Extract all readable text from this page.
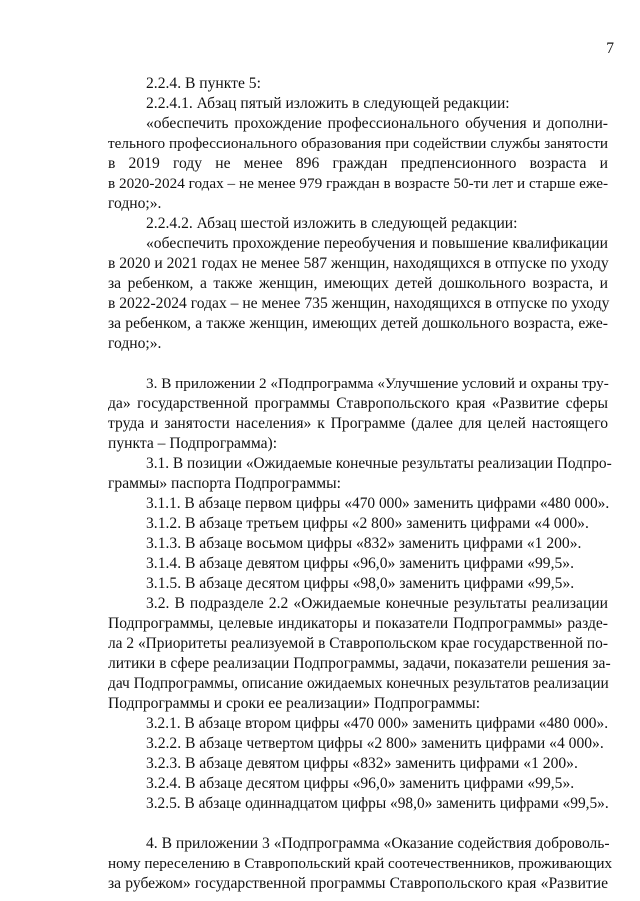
7
2.2.4. В пункте 5:
2.2.4.1. Абзац пятый изложить в следующей редакции:
«обеспечить прохождение профессионального обучения и дополни-
тельного профессионального образования при содействии службы занятости
в 2019 году не менее 896 граждан предпенсионного возраста и
в 2020-2024 годах – не менее 979 граждан в возрасте 50-ти лет и старше еже-
годно;».
2.2.4.2. Абзац шестой изложить в следующей редакции:
«обеспечить прохождение переобучения и повышение квалификации
в 2020 и 2021 годах не менее 587 женщин, находящихся в отпуске по уходу
за ребенком, а также женщин, имеющих детей дошкольного возраста, и
в 2022-2024 годах – не менее 735 женщин, находящихся в отпуске по уходу
за ребенком, а также женщин, имеющих детей дошкольного возраста, еже-
годно;».
3. В приложении 2 «Подпрограмма «Улучшение условий и охраны тру-
да» государственной программы Ставропольского края «Развитие сферы
труда и занятости населения» к Программе (далее для целей настоящего
пункта – Подпрограмма):
3.1. В позиции «Ожидаемые конечные результаты реализации Подпро-
граммы» паспорта Подпрограммы:
3.1.1. В абзаце первом цифры «470 000» заменить цифрами «480 000».
3.1.2. В абзаце третьем цифры «2 800» заменить цифрами «4 000».
3.1.3. В абзаце восьмом цифры «832» заменить цифрами «1 200».
3.1.4. В абзаце девятом цифры «96,0» заменить цифрами «99,5».
3.1.5. В абзаце десятом цифры «98,0» заменить цифрами «99,5».
3.2. В подразделе 2.2 «Ожидаемые конечные результаты реализации
Подпрограммы, целевые индикаторы и показатели Подпрограммы» разде-
ла 2 «Приоритеты реализуемой в Ставропольском крае государственной по-
литики в сфере реализации Подпрограммы, задачи, показатели решения за-
дач Подпрограммы, описание ожидаемых конечных результатов реализации
Подпрограммы и сроки ее реализации» Подпрограммы:
3.2.1. В абзаце втором цифры «470 000» заменить цифрами «480 000».
3.2.2. В абзаце четвертом цифры «2 800» заменить цифрами «4 000».
3.2.3. В абзаце девятом цифры «832» заменить цифрами «1 200».
3.2.4. В абзаце десятом цифры «96,0» заменить цифрами «99,5».
3.2.5. В абзаце одиннадцатом цифры «98,0» заменить цифрами «99,5».
4. В приложении 3 «Подпрограмма «Оказание содействия доброволь-
ному переселению в Ставропольский край соотечественников, проживающих
за рубежом» государственной программы Ставропольского края «Развитие
